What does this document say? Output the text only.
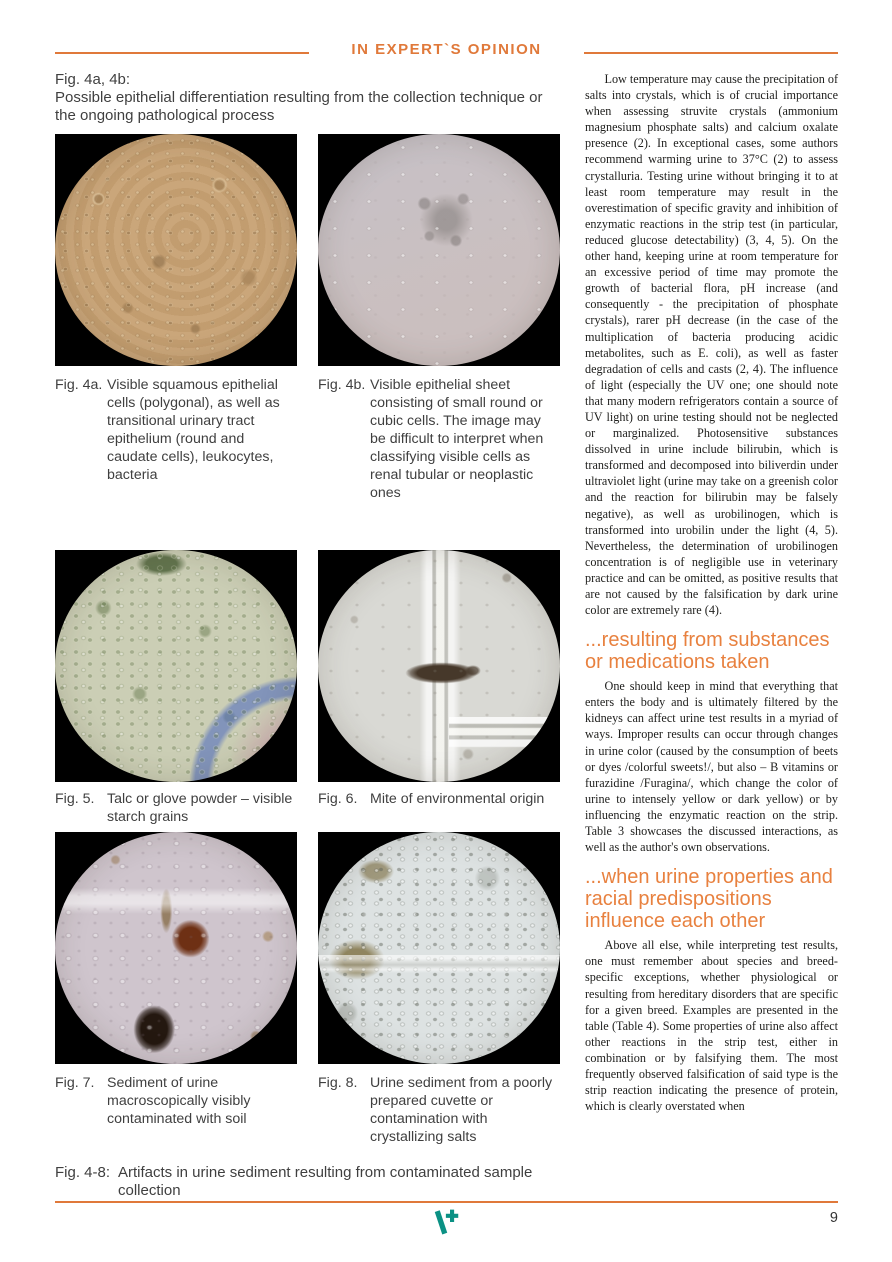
IN EXPERT`S OPINION
Fig. 4a, 4b:
Possible epithelial differentiation resulting from the collection technique or the ongoing pathological process
Fig. 4a. Visible squamous epithelial cells (polygonal), as well as transitional urinary tract epithelium (round and caudate cells), leukocytes, bacteria
Fig. 4b. Visible epithelial sheet consisting of small round or cubic cells. The image may be difficult to interpret when classifying visible cells as renal tubular or neoplastic ones
Fig. 5. Talc or glove powder – visible starch grains
Fig. 6. Mite of environmental origin
Fig. 7. Sediment of urine macroscopically visibly contaminated with soil
Fig. 8. Urine sediment from a poorly prepared cuvette or contamination with crystallizing salts
Fig. 4-8: Artifacts in urine sediment resulting from contaminated sample collection

Low temperature may cause the precipitation of salts into crystals, which is of crucial importance when assessing struvite crystals (ammonium magnesium phosphate salts) and calcium oxalate presence (2). In exceptional cases, some authors recommend warming urine to 37°C (2) to assess crystalluria. Testing urine without bringing it to at least room temperature may result in the overestimation of specific gravity and inhibition of enzymatic reactions in the strip test (in particular, reduced glucose detectability) (3, 4, 5). On the other hand, keeping urine at room temperature for an excessive period of time may promote the growth of bacterial flora, pH increase (and consequently - the precipitation of phosphate crystals), rarer pH decrease (in the case of the multiplication of bacteria producing acidic metabolites, such as E. coli), as well as faster degradation of cells and casts (2, 4). The influence of light (especially the UV one; one should note that many modern refrigerators contain a source of UV light) on urine testing should not be neglected or marginalized. Photosensitive substances dissolved in urine include bilirubin, which is transformed and decomposed into biliverdin under ultraviolet light (urine may take on a greenish color and the reaction for bilirubin may be falsely negative), as well as urobilinogen, which is transformed into urobilin under the light (4, 5). Nevertheless, the determination of urobilinogen concentration is of negligible use in veterinary practice and can be omitted, as positive results that are not caused by the falsification by dark urine color are extremely rare (4).

...resulting from substances or medications taken

One should keep in mind that everything that enters the body and is ultimately filtered by the kidneys can affect urine test results in a myriad of ways. Improper results can occur through changes in urine color (caused by the consumption of beets or dyes /colorful sweets!/, but also – B vitamins or furazidine /Furagina/, which change the color of urine to intensely yellow or dark yellow) or by influencing the enzymatic reaction on the strip. Table 3 showcases the discussed interactions, as well as the author's own observations.

...when urine properties and racial predispositions influence each other

Above all else, while interpreting test results, one must remember about species and breed-specific exceptions, whether physiological or resulting from hereditary disorders that are specific for a given breed. Examples are presented in the table (Table 4). Some properties of urine also affect other reactions in the strip test, either in combination or by falsifying them. The most frequently observed falsification of said type is the strip reaction indicating the presence of protein, which is clearly overstated when

9
